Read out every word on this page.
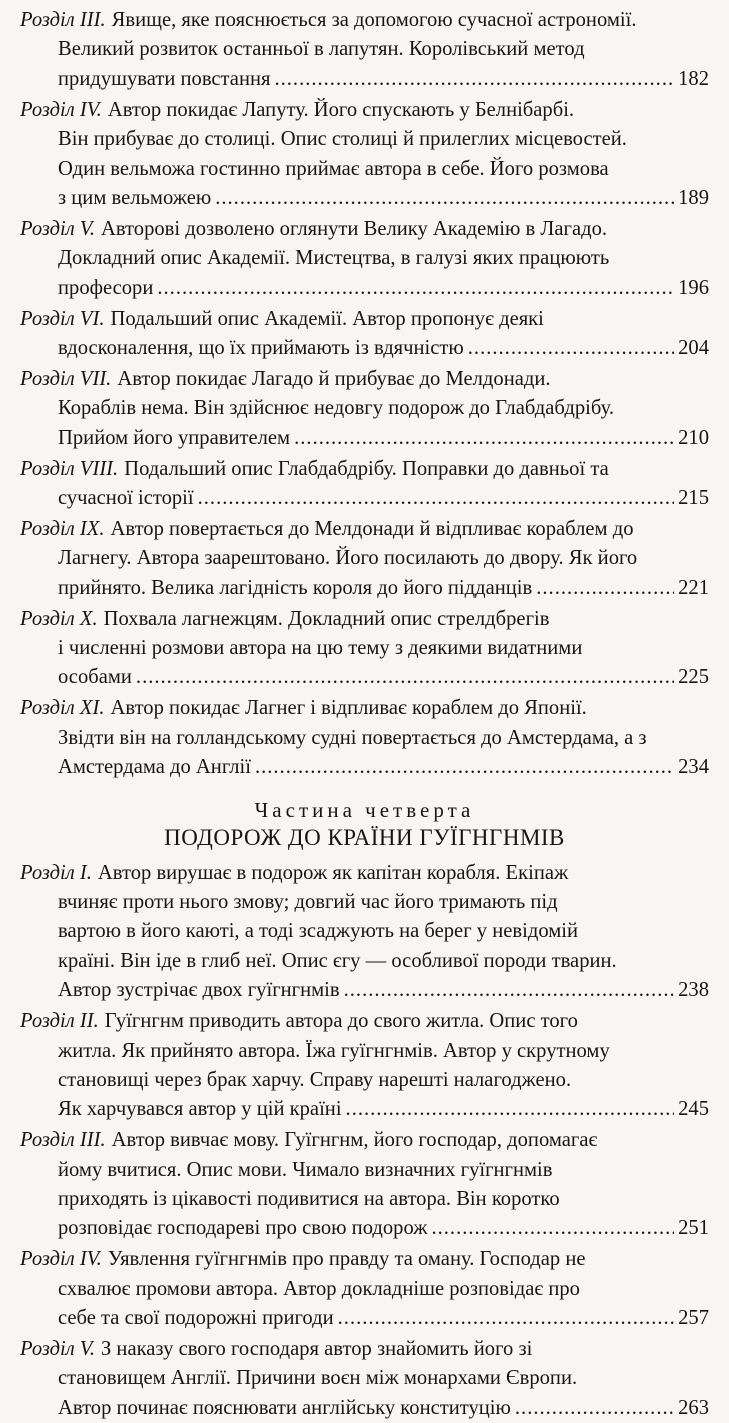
Розділ III. Явище, яке пояснюється за допомогою сучасної астрономії.
Великий розвиток останньої в лапутян. Королівський метод
придушувати повстання .....	182
Розділ IV. Автор покидає Лапуту. Його спускають у Белнібарбі.
Він прибуває до столиці. Опис столиці й прилеглих місцевостей.
Один вельможа гостинно приймає автора в себе. Його розмова
з цим вельможею .....	189
Розділ V. Авторові дозволено оглянути Велику Академію в Лагадо.
Докладний опис Академії. Мистецтва, в галузі яких працюють
професори .....	196
Розділ VI. Подальший опис Академії. Автор пропонує деякі
вдосконалення, що їх приймають із вдячністю .....	204
Розділ VII. Автор покидає Лагадо й прибуває до Мелдонади.
Кораблів нема. Він здійснює недовгу подорож до Глабдабдрібу.
Прийом його управителем .....	210
Розділ VIII. Подальший опис Глабдабдрібу. Поправки до давньої та
сучасної історії .....	215
Розділ IX. Автор повертається до Мелдонади й відпливає кораблем до
Лагнегу. Автора заарештовано. Його посилають до двору. Як його
прийнято. Велика лагідність короля до його підданців .....	221
Розділ X. Похвала лагнежцям. Докладний опис стрелдбрегів
і численні розмови автора на цю тему з деякими видатними
особами .....	225
Розділ XI. Автор покидає Лагнег і відпливає кораблем до Японії.
Звідти він на голландському судні повертається до Амстердама, а з
Амстердама до Англії .....	234
Частина четверта
ПОДОРОЖ ДО КРАЇНИ ГУЇГНГНМІВ
Розділ I. Автор вирушає в подорож як капітан корабля. Екіпаж
вчиняє проти нього змову; довгий час його тримають під
вартою в його каюті, а тоді зсаджують на берег у невідомій
країні. Він іде в глиб неї. Опис єгу — особливої породи тварин.
Автор зустрічає двох гуїгнгнмів .....	238
Розділ II. Гуїгнгнм приводить автора до свого житла. Опис того
житла. Як прийнято автора. Їжа гуїгнгнмів. Автор у скрутному
становищі через брак харчу. Справу нарешті налагоджено.
Як харчувався автор у цій країні .....	245
Розділ III. Автор вивчає мову. Гуїгнгнм, його господар, допомагає
йому вчитися. Опис мови. Чимало визначних гуїгнгнмів
приходять із цікавості подивитися на автора. Він коротко
розповідає господареві про свою подорож .....	251
Розділ IV. Уявлення гуїгнгнмів про правду та оману. Господар не
схвалює промови автора. Автор докладніше розповідає про
себе та свої подорожні пригоди .....	257
Розділ V. З наказу свого господаря автор знайомить його зі
становищем Англії. Причини воєн між монархами Європи.
Автор починає пояснювати англійську конституцію .....	263
